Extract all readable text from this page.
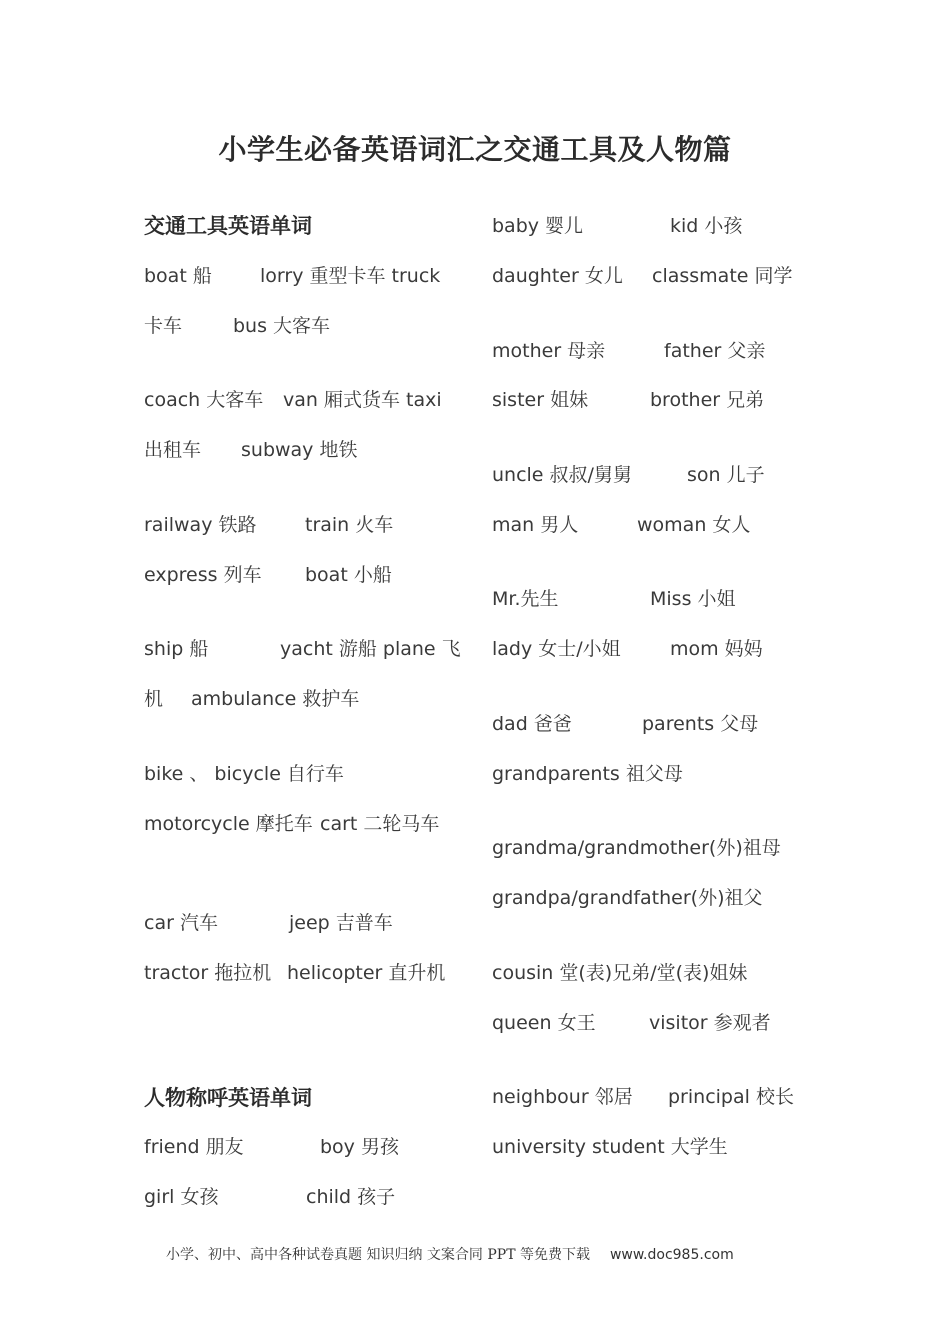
小学生必备英语词汇之交通工具及人物篇
交通工具英语单词
boat 船	lorry 重型卡车 truck
卡车	bus 大客车
coach 大客车 van 厢式货车 taxi
出租车 subway 地铁
railway 铁路	train 火车
express 列车 boat 小船
ship 船	yacht 游船 plane 飞
机 ambulance 救护车
bike 、 bicycle 自行车
motorcycle 摩托车 cart 二轮马车
car 汽车	jeep 吉普车
tractor 拖拉机 helicopter 直升机
人物称呼英语单词
friend 朋友	boy 男孩
girl 女孩	child 孩子
baby 婴儿	kid 小孩
daughter 女儿 classmate 同学
mother 母亲	father 父亲
sister 姐妹	brother 兄弟
uncle 叔叔/舅舅	son 儿子
man 男人	woman 女人
Mr.先生	Miss 小姐
lady 女士/小姐	mom 妈妈
dad 爸爸	parents 父母
grandparents 祖父母
grandma/grandmother(外)祖母
grandpa/grandfather(外)祖父
cousin 堂(表)兄弟/堂(表)姐妹
queen 女王	visitor 参观者
neighbour 邻居 principal 校长
university student 大学生
小学、初中、高中各种试卷真题 知识归纳 文案合同 PPT 等免费下载 www.doc985.com
